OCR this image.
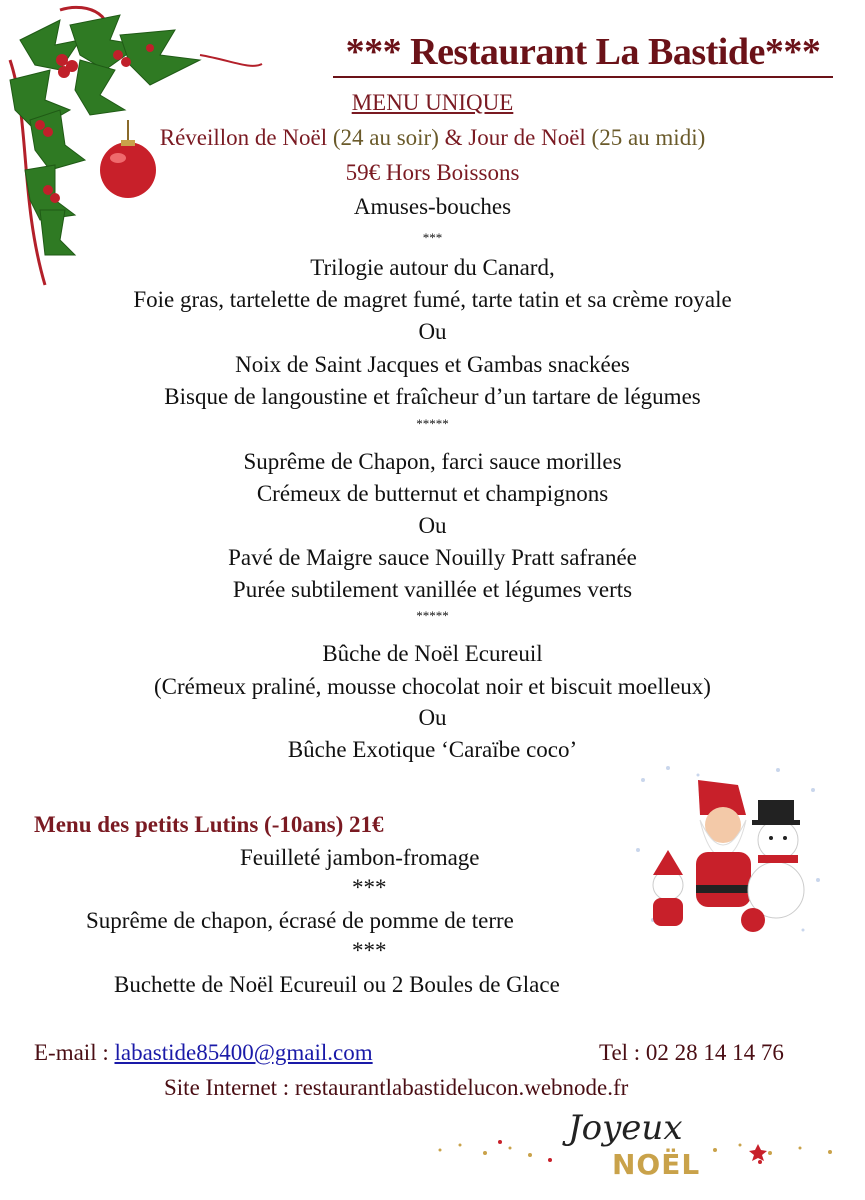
*** Restaurant La Bastide***
MENU UNIQUE
Réveillon de Noël (24 au soir) & Jour de Noël (25 au midi)
59€ Hors Boissons
Amuses-bouches
***
Trilogie autour du Canard,
Foie gras, tartelette de magret fumé, tarte tatin et sa crème royale
Ou
Noix de Saint Jacques et Gambas snackées
Bisque de langoustine et fraîcheur d’un tartare de légumes
*****
Suprême de Chapon, farci sauce morilles
Crémeux de butternut et champignons
Ou
Pavé de Maigre sauce Nouilly Pratt safranée
Purée subtilement vanillée et légumes verts
*****
Bûche de Noël Ecureuil
(Crémeux praliné, mousse chocolat noir et biscuit moelleux)
Ou
Bûche Exotique ‘Caraïbe coco’
Menu des petits Lutins (-10ans) 21€
Feuilleté jambon-fromage
***
Suprême de chapon, écrasé de pomme de terre
***
Buchette de Noël Ecureuil ou 2 Boules de Glace
E-mail : labastide85400@gmail.com	Tel : 02 28 14 14 76
Site Internet : restaurantlabastidelucon.webnode.fr
Joyeux
NOËL
